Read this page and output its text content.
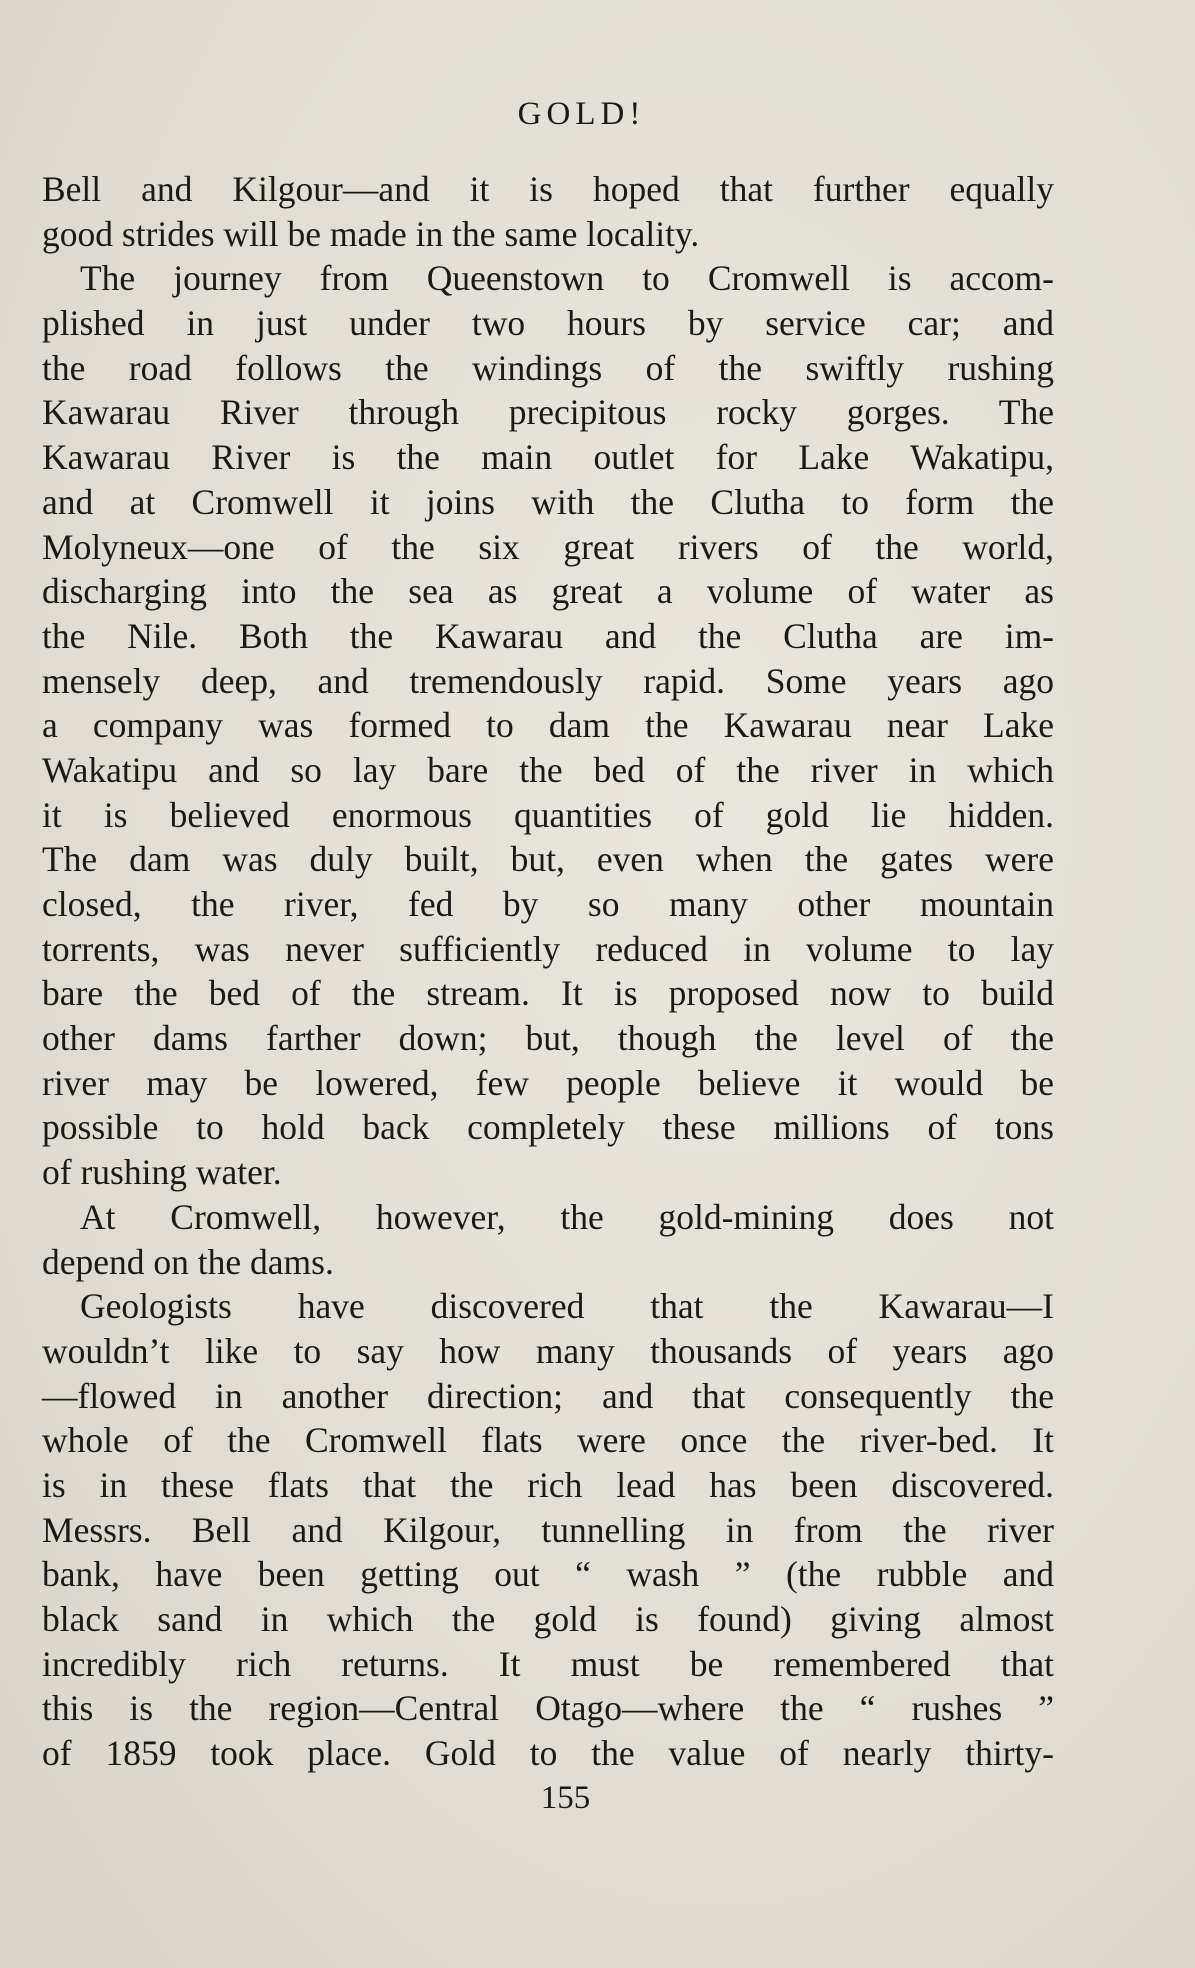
GOLD!
Bell and Kilgour—and it is hoped that further equally
good strides will be made in the same locality.
The journey from Queenstown to Cromwell is accom-
plished in just under two hours by service car; and
the road follows the windings of the swiftly rushing
Kawarau River through precipitous rocky gorges. The
Kawarau River is the main outlet for Lake Wakatipu,
and at Cromwell it joins with the Clutha to form the
Molyneux—one of the six great rivers of the world,
discharging into the sea as great a volume of water as
the Nile. Both the Kawarau and the Clutha are im-
mensely deep, and tremendously rapid. Some years ago
a company was formed to dam the Kawarau near Lake
Wakatipu and so lay bare the bed of the river in which
it is believed enormous quantities of gold lie hidden.
The dam was duly built, but, even when the gates were
closed, the river, fed by so many other mountain
torrents, was never sufficiently reduced in volume to lay
bare the bed of the stream. It is proposed now to build
other dams farther down; but, though the level of the
river may be lowered, few people believe it would be
possible to hold back completely these millions of tons
of rushing water.
At Cromwell, however, the gold-mining does not
depend on the dams.
Geologists have discovered that the Kawarau—I
wouldn’t like to say how many thousands of years ago
—flowed in another direction; and that consequently the
whole of the Cromwell flats were once the river-bed. It
is in these flats that the rich lead has been discovered.
Messrs. Bell and Kilgour, tunnelling in from the river
bank, have been getting out “ wash ” (the rubble and
black sand in which the gold is found) giving almost
incredibly rich returns. It must be remembered that
this is the region—Central Otago—where the “ rushes ”
of 1859 took place. Gold to the value of nearly thirty-
155
